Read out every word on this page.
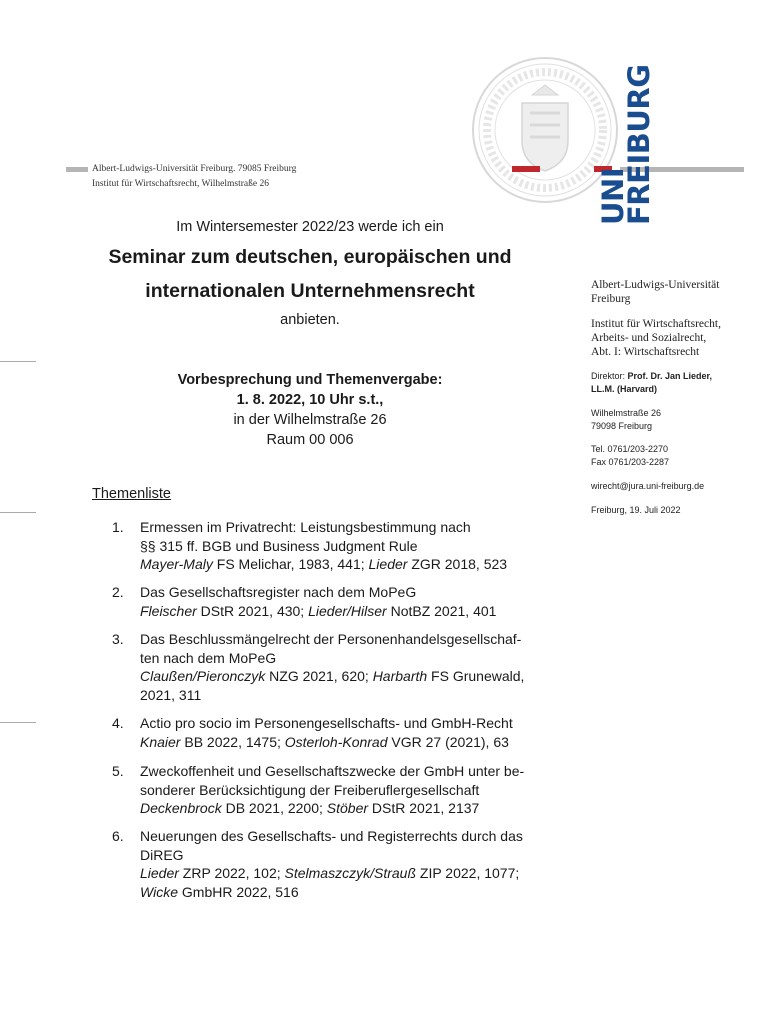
UNI
FREIBURG
Albert-Ludwigs-Universität Freiburg. 79085 Freiburg
Institut für Wirtschaftsrecht, Wilhelmstraße 26
Im Wintersemester 2022/23 werde ich ein
Seminar zum deutschen, europäischen und
internationalen Unternehmensrecht
anbieten.
Vorbesprechung und Themenvergabe:
1. 8. 2022, 10 Uhr s.t.,
in der Wilhelmstraße 26
Raum 00 006
Themenliste
1. Ermessen im Privatrecht: Leistungsbestimmung nach
§§ 315 ff. BGB und Business Judgment Rule
Mayer-Maly FS Melichar, 1983, 441; Lieder ZGR 2018, 523
2. Das Gesellschaftsregister nach dem MoPeG
Fleischer DStR 2021, 430; Lieder/Hilser NotBZ 2021, 401
3. Das Beschlussmängelrecht der Personenhandelsgesellschaf-
ten nach dem MoPeG
Claußen/Pieronczyk NZG 2021, 620; Harbarth FS Grunewald,
2021, 311
4. Actio pro socio im Personengesellschafts- und GmbH-Recht
Knaier BB 2022, 1475; Osterloh-Konrad VGR 27 (2021), 63
5. Zweckoffenheit und Gesellschaftszwecke der GmbH unter be-
sonderer Berücksichtigung der Freiberuflergesellschaft
Deckenbrock DB 2021, 2200; Stöber DStR 2021, 2137
6. Neuerungen des Gesellschafts- und Registerrechts durch das
DiREG
Lieder ZRP 2022, 102; Stelmaszczyk/Strauß ZIP 2022, 1077;
Wicke GmbHR 2022, 516
Albert-Ludwigs-Universität
Freiburg
Institut für Wirtschaftsrecht,
Arbeits- und Sozialrecht,
Abt. I: Wirtschaftsrecht
Direktor: Prof. Dr. Jan Lieder,
LL.M. (Harvard)
Wilhelmstraße 26
79098 Freiburg
Tel. 0761/203-2270
Fax 0761/203-2287
wirecht@jura.uni-freiburg.de
Freiburg, 19. Juli 2022
